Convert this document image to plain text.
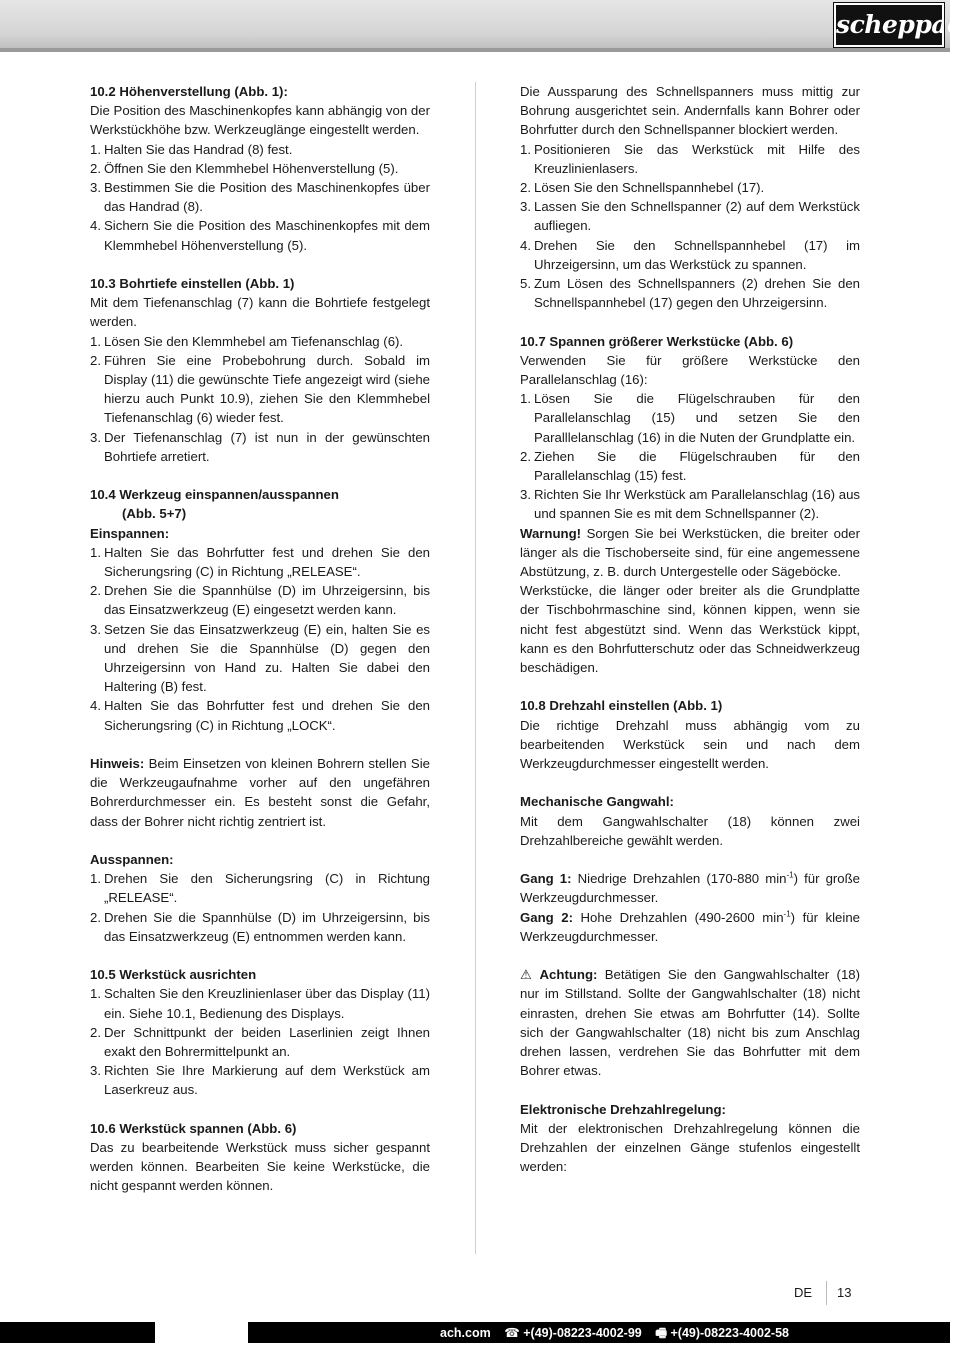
scheppach
10.2 Höhenverstellung (Abb. 1):
Die Position des Maschinenkopfes kann abhängig von der Werkstückhöhe bzw. Werkzeuglänge eingestellt werden.
1. Halten Sie das Handrad (8) fest.
2. Öffnen Sie den Klemmhebel Höhenverstellung (5).
3. Bestimmen Sie die Position des Maschinenkopfes über das Handrad (8).
4. Sichern Sie die Position des Maschinenkopfes mit dem Klemmhebel Höhenverstellung (5).
10.3 Bohrtiefe einstellen (Abb. 1)
Mit dem Tiefenanschlag (7) kann die Bohrtiefe festgelegt werden.
1. Lösen Sie den Klemmhebel am Tiefenanschlag (6).
2. Führen Sie eine Probebohrung durch. Sobald im Display (11) die gewünschte Tiefe angezeigt wird (siehe hierzu auch Punkt 10.9), ziehen Sie den Klemmhebel Tiefenanschlag (6) wieder fest.
3. Der Tiefenanschlag (7) ist nun in der gewünschten Bohrtiefe arretiert.
10.4 Werkzeug einspannen/ausspannen
(Abb. 5+7)
Einspannen:
1. Halten Sie das Bohrfutter fest und drehen Sie den Sicherungsring (C) in Richtung „RELEASE“.
2. Drehen Sie die Spannhülse (D) im Uhrzeigersinn, bis das Einsatzwerkzeug (E) eingesetzt werden kann.
3. Setzen Sie das Einsatzwerkzeug (E) ein, halten Sie es und drehen Sie die Spannhülse (D) gegen den Uhrzeigersinn von Hand zu. Halten Sie dabei den Haltering (B) fest.
4. Halten Sie das Bohrfutter fest und drehen Sie den Sicherungsring (C) in Richtung „LOCK“.
Hinweis: Beim Einsetzen von kleinen Bohrern stellen Sie die Werkzeugaufnahme vorher auf den ungefähren Bohrerdurchmesser ein. Es besteht sonst die Gefahr, dass der Bohrer nicht richtig zentriert ist.
Ausspannen:
1. Drehen Sie den Sicherungsring (C) in Richtung „RELEASE“.
2. Drehen Sie die Spannhülse (D) im Uhrzeigersinn, bis das Einsatzwerkzeug (E) entnommen werden kann.
10.5 Werkstück ausrichten
1. Schalten Sie den Kreuzlinienlaser über das Display (11) ein. Siehe 10.1, Bedienung des Displays.
2. Der Schnittpunkt der beiden Laserlinien zeigt Ihnen exakt den Bohrermittelpunkt an.
3. Richten Sie Ihre Markierung auf dem Werkstück am Laserkreuz aus.
10.6 Werkstück spannen (Abb. 6)
Das zu bearbeitende Werkstück muss sicher gespannt werden können. Bearbeiten Sie keine Werkstücke, die nicht gespannt werden können.
Die Aussparung des Schnellspanners muss mittig zur Bohrung ausgerichtet sein. Andernfalls kann Bohrer oder Bohrfutter durch den Schnellspanner blockiert werden.
1. Positionieren Sie das Werkstück mit Hilfe des Kreuzlinienlasers.
2. Lösen Sie den Schnellspannhebel (17).
3. Lassen Sie den Schnellspanner (2) auf dem Werkstück aufliegen.
4. Drehen Sie den Schnellspannhebel (17) im Uhrzeigersinn, um das Werkstück zu spannen.
5. Zum Lösen des Schnellspanners (2) drehen Sie den Schnellspannhebel (17) gegen den Uhrzeigersinn.
10.7 Spannen größerer Werkstücke (Abb. 6)
Verwenden Sie für größere Werkstücke den Parallelanschlag (16):
1. Lösen Sie die Flügelschrauben für den Parallelanschlag (15) und setzen Sie den Paralllelanschlag (16) in die Nuten der Grundplatte ein.
2. Ziehen Sie die Flügelschrauben für den Parallelanschlag (15) fest.
3. Richten Sie Ihr Werkstück am Parallelanschlag (16) aus und spannen Sie es mit dem Schnellspanner (2).
Warnung! Sorgen Sie bei Werkstücken, die breiter oder länger als die Tischoberseite sind, für eine angemessene Abstützung, z. B. durch Untergestelle oder Sägeböcke.
Werkstücke, die länger oder breiter als die Grundplatte der Tischbohrmaschine sind, können kippen, wenn sie nicht fest abgestützt sind. Wenn das Werkstück kippt, kann es den Bohrfutterschutz oder das Schneidwerkzeug beschädigen.
10.8 Drehzahl einstellen (Abb. 1)
Die richtige Drehzahl muss abhängig vom zu bearbeitenden Werkstück sein und nach dem Werkzeugdurchmesser eingestellt werden.
Mechanische Gangwahl:
Mit dem Gangwahlschalter (18) können zwei Drehzahlbereiche gewählt werden.
Gang 1: Niedrige Drehzahlen (170-880 $\min^{-1}$) für große Werkzeugdurchmesser.
Gang 2: Hohe Drehzahlen (490-2600 $\min^{-1}$) für kleine Werkzeugdurchmesser.
⚠ Achtung: Betätigen Sie den Gangwahlschalter (18) nur im Stillstand. Sollte der Gangwahlschalter (18) nicht einrasten, drehen Sie etwas am Bohrfutter (14). Sollte sich der Gangwahlschalter (18) nicht bis zum Anschlag drehen lassen, verdrehen Sie das Bohrfutter mit dem Bohrer etwas.
Elektronische Drehzahlregelung:
Mit der elektronischen Drehzahlregelung können die Drehzahlen der einzelnen Gänge stufenlos eingestellt werden:
DE 13
ach.com ☎ +(49)-08223-4002-99 🖷 +(49)-08223-4002-58
